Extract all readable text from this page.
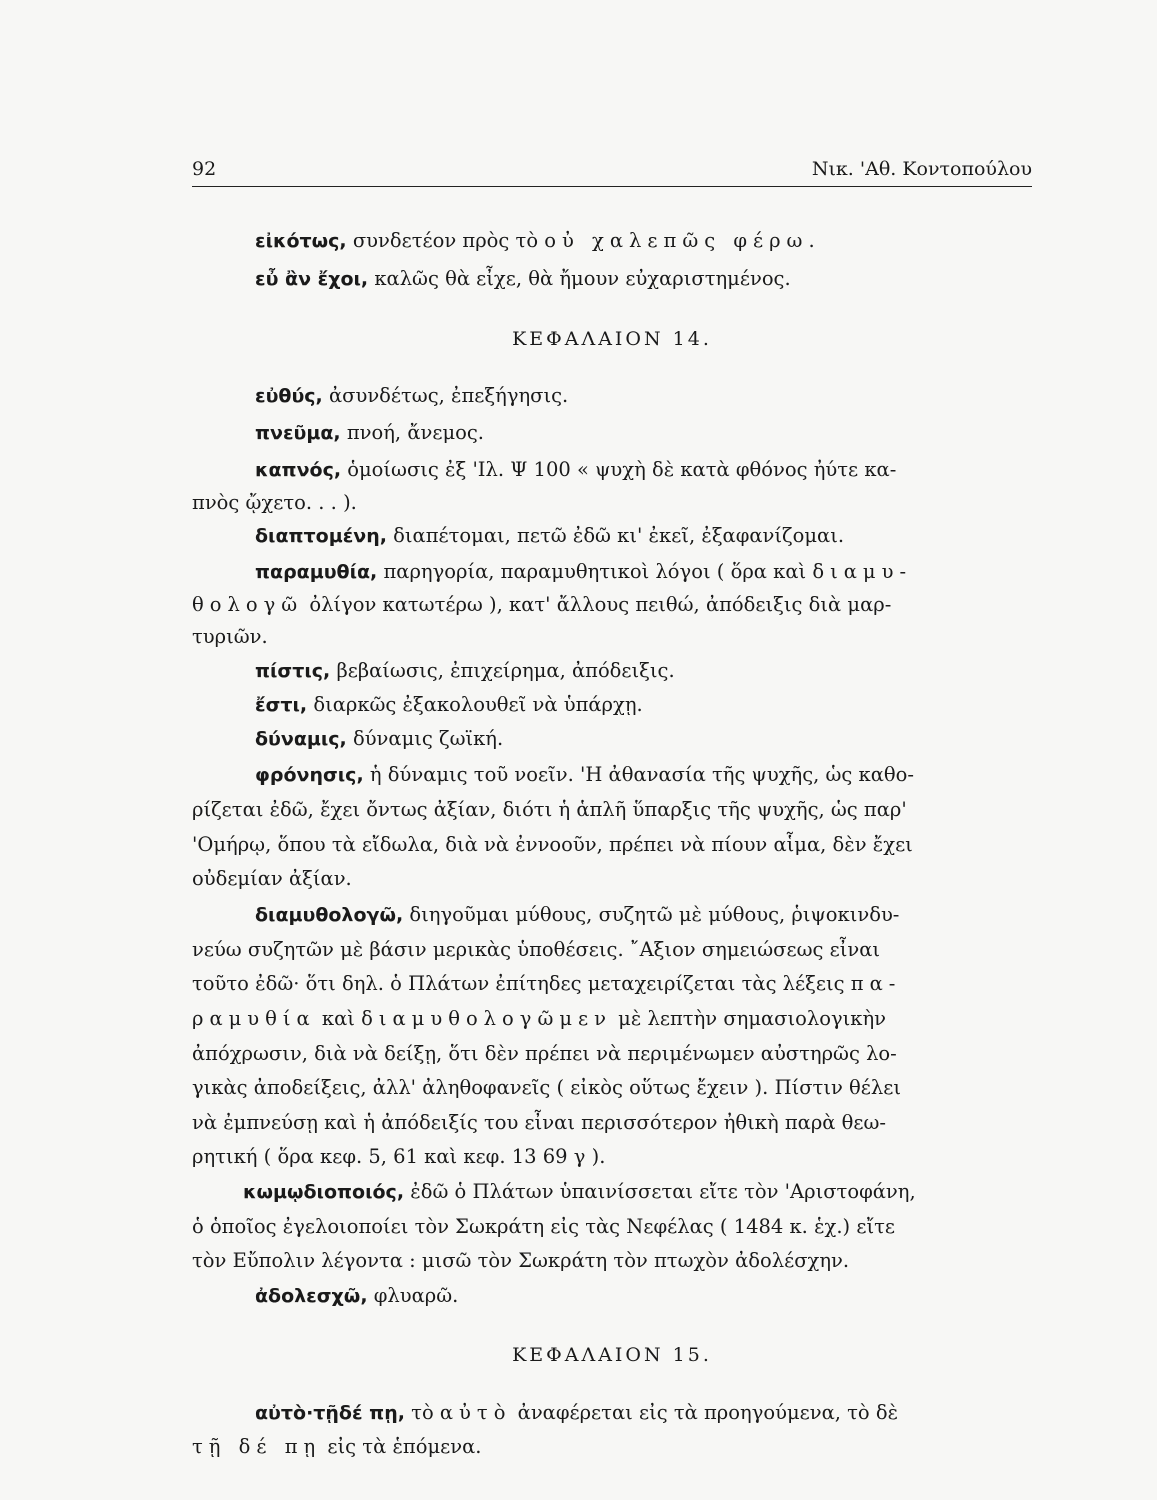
92	Νικ. 'Αθ. Κοντοπούλου
εἰκότως, συνδετέον πρὸς τὸ οὐ χαλεπῶς φέρω.
εὖ ἂν ἔχοι, καλῶς θὰ εἶχε, θὰ ἤμουν εὐχαριστημένος.
ΚΕΦΑΛΑΙΟΝ 14.
εὐθύς, ἀσυνδέτως, ἐπεξήγησις.
πνεῦμα, πνοή, ἄνεμος.
καπνός, ὁμοίωσις ἐξ 'Ιλ. Ψ 100 « ψυχὴ δὲ κατὰ φθόνος ἠύτε κα-
πνὸς ᾤχετο. . . ).
διαπτομένη, διαπέτομαι, πετῶ ἐδῶ κι' ἐκεῖ, ἐξαφανίζομαι.
παραμυθία, παρηγορία, παραμυθητικοὶ λόγοι ( ὅρα καὶ διαμυ-
θολογῶ ὀλίγον κατωτέρω ), κατ' ἄλλους πειθώ, ἀπόδειξις διὰ μαρ-
τυριῶν.
πίστις, βεβαίωσις, ἐπιχείρημα, ἀπόδειξις.
ἔστι, διαρκῶς ἐξακολουθεῖ νὰ ὑπάρχῃ.
δύναμις, δύναμις ζωϊκή.
φρόνησις, ἡ δύναμις τοῦ νοεῖν. 'Η ἀθανασία τῆς ψυχῆς, ὡς καθο-
ρίζεται ἐδῶ, ἔχει ὄντως ἀξίαν, διότι ἡ ἁπλῆ ὕπαρξις τῆς ψυχῆς, ὡς παρ'
'Ομήρῳ, ὅπου τὰ εἴδωλα, διὰ νὰ ἐννοοῦν, πρέπει νὰ πίουν αἷμα, δὲν ἔχει
οὐδεμίαν ἀξίαν.
διαμυθολογῶ, διηγοῦμαι μύθους, συζητῶ μὲ μύθους, ῥιψοκινδυ-
νεύω συζητῶν μὲ βάσιν μερικὰς ὑποθέσεις. ῎Αξιον σημειώσεως εἶναι
τοῦτο ἐδῶ· ὅτι δηλ. ὁ Πλάτων ἐπίτηδες μεταχειρίζεται τὰς λέξεις πα-
ραμυθία καὶ διαμυθολογῶμεν μὲ λεπτὴν σημασιολογικὴν
ἀπόχρωσιν, διὰ νὰ δείξῃ, ὅτι δὲν πρέπει νὰ περιμένωμεν αὐστηρῶς λο-
γικὰς ἀποδείξεις, ἀλλ' ἀληθοφανεῖς ( εἰκὸς οὕτως ἔχειν ). Πίστιν θέλει
νὰ ἐμπνεύσῃ καὶ ἡ ἀπόδειξίς του εἶναι περισσότερον ἠθικὴ παρὰ θεω-
ρητική ( ὅρα κεφ. 5, 61 καὶ κεφ. 13 69 γ ).
κωμῳδιοποιός, ἐδῶ ὁ Πλάτων ὑπαινίσσεται εἴτε τὸν 'Αριστοφάνη,
ὁ ὁποῖος ἐγελοιοποίει τὸν Σωκράτη εἰς τὰς Νεφέλας ( 1484 κ. ἑχ.) εἴτε
τὸν Εὔπολιν λέγοντα : μισῶ τὸν Σωκράτη τὸν πτωχὸν ἀδολέσχην.
ἀδολεσχῶ, φλυαρῶ.
ΚΕΦΑΛΑΙΟΝ 15.
αὐτὸ·τῇδέ πῃ, τὸ αὐτὸ ἀναφέρεται εἰς τὰ προηγούμενα, τὸ δὲ
τῇ δέ πῃ εἰς τὰ ἑπόμενα.
